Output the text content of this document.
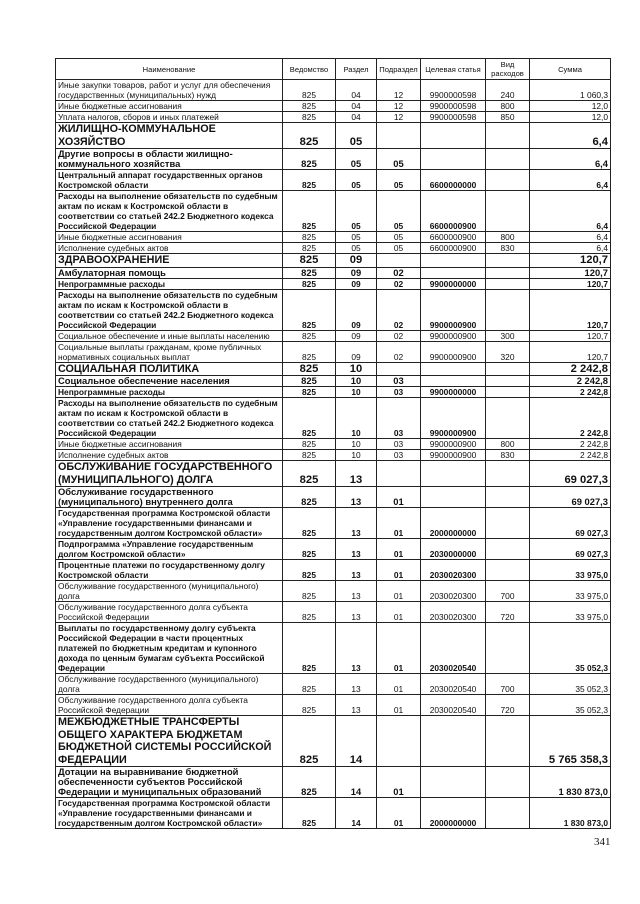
Наименование	Ведомство	Раздел	Подраздел	Целевая статья	Вид расходов	Сумма
Иные закупки товаров, работ и услуг для обеспечения государственных (муниципальных) нужд	825	04	12	9900000598	240	1 060,3
Иные бюджетные ассигнования	825	04	12	9900000598	800	12,0
Уплата налогов, сборов и иных платежей	825	04	12	9900000598	850	12,0
ЖИЛИЩНО-КОММУНАЛЬНОЕ ХОЗЯЙСТВО	825	05				6,4
Другие вопросы в области жилищно-коммунального хозяйства	825	05	05			6,4
Центральный аппарат государственных органов Костромской области	825	05	05	6600000000		6,4
Расходы на выполнение обязательств по судебным актам по искам к Костромской области в соответствии со статьей 242.2 Бюджетного кодекса Российской Федерации	825	05	05	6600000900		6,4
Иные бюджетные ассигнования	825	05	05	6600000900	800	6,4
Исполнение судебных актов	825	05	05	6600000900	830	6,4
ЗДРАВООХРАНЕНИЕ	825	09				120,7
Амбулаторная помощь	825	09	02			120,7
Непрограммные расходы	825	09	02	9900000000		120,7
Расходы на выполнение обязательств по судебным актам по искам к Костромской области в соответствии со статьей 242.2 Бюджетного кодекса Российской Федерации	825	09	02	9900000900		120,7
Социальное обеспечение и иные выплаты населению	825	09	02	9900000900	300	120,7
Социальные выплаты гражданам, кроме публичных нормативных социальных выплат	825	09	02	9900000900	320	120,7
СОЦИАЛЬНАЯ ПОЛИТИКА	825	10				2 242,8
Социальное обеспечение населения	825	10	03			2 242,8
Непрограммные расходы	825	10	03	9900000000		2 242,8
Расходы на выполнение обязательств по судебным актам по искам к Костромской области в соответствии со статьей 242.2 Бюджетного кодекса Российской Федерации	825	10	03	9900000900		2 242,8
Иные бюджетные ассигнования	825	10	03	9900000900	800	2 242,8
Исполнение судебных актов	825	10	03	9900000900	830	2 242,8
ОБСЛУЖИВАНИЕ ГОСУДАРСТВЕННОГО (МУНИЦИПАЛЬНОГО) ДОЛГА	825	13				69 027,3
Обслуживание государственного (муниципального) внутреннего долга	825	13	01			69 027,3
Государственная программа Костромской области «Управление государственными финансами и государственным долгом Костромской области»	825	13	01	2000000000		69 027,3
Подпрограмма «Управление государственным долгом Костромской области»	825	13	01	2030000000		69 027,3
Процентные платежи по государственному долгу Костромской области	825	13	01	2030020300		33 975,0
Обслуживание государственного (муниципального) долга	825	13	01	2030020300	700	33 975,0
Обслуживание государственного долга субъекта Российской Федерации	825	13	01	2030020300	720	33 975,0
Выплаты по государственному долгу субъекта Российской Федерации в части процентных платежей по бюджетным кредитам и купонного дохода по ценным бумагам субъекта Российской Федерации	825	13	01	2030020540		35 052,3
Обслуживание государственного (муниципального) долга	825	13	01	2030020540	700	35 052,3
Обслуживание государственного долга субъекта Российской Федерации	825	13	01	2030020540	720	35 052,3
МЕЖБЮДЖЕТНЫЕ ТРАНСФЕРТЫ ОБЩЕГО ХАРАКТЕРА БЮДЖЕТАМ БЮДЖЕТНОЙ СИСТЕМЫ РОССИЙСКОЙ ФЕДЕРАЦИИ	825	14				5 765 358,3
Дотации на выравнивание бюджетной обеспеченности субъектов Российской Федерации и муниципальных образований	825	14	01			1 830 873,0
Государственная программа Костромской области «Управление государственными финансами и государственным долгом Костромской области»	825	14	01	2000000000		1 830 873,0
341
